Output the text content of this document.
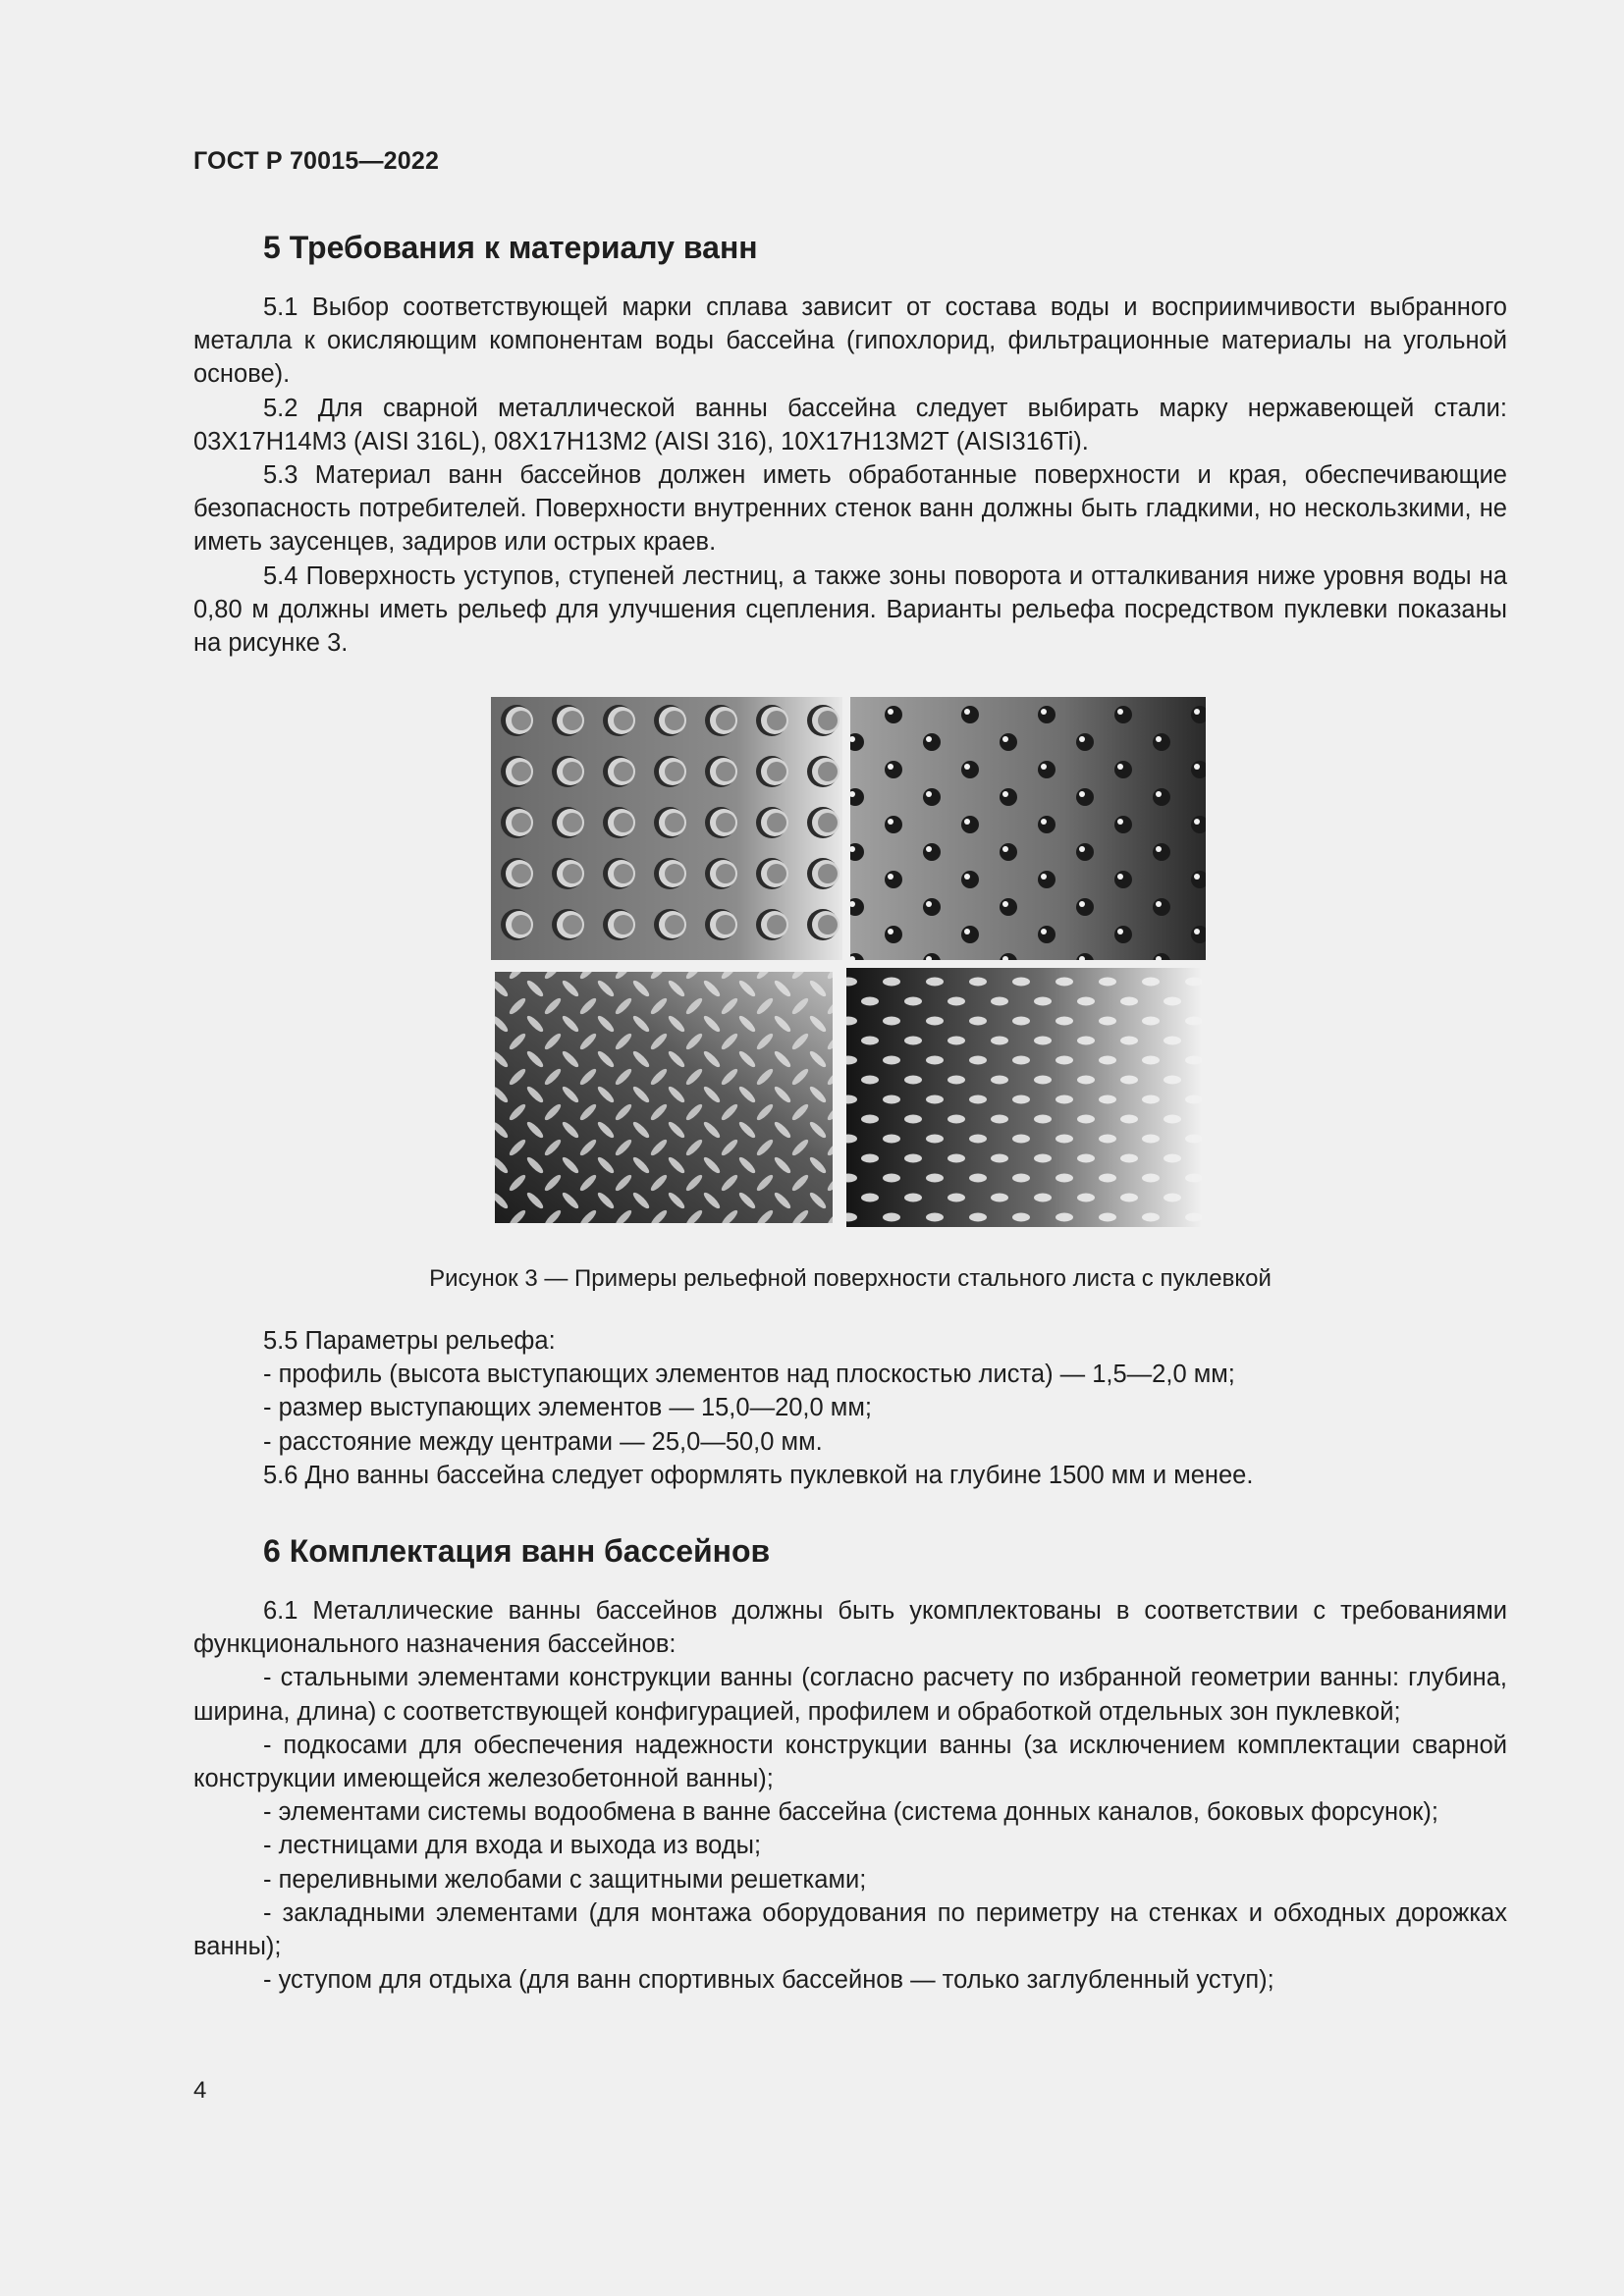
ГОСТ Р 70015—2022
5 Требования к материалу ванн

5.1 Выбор соответствующей марки сплава зависит от состава воды и восприимчивости выбранного металла к окисляющим компонентам воды бассейна (гипохлорид, фильтрационные материалы на угольной основе).

5.2 Для сварной металлической ванны бассейна следует выбирать марку нержавеющей стали: 03Х17Н14М3 (AISI 316L), 08Х17Н13М2 (AISI 316), 10Х17Н13М2Т (AISI316Ti).

5.3 Материал ванн бассейнов должен иметь обработанные поверхности и края, обеспечивающие безопасность потребителей. Поверхности внутренних стенок ванн должны быть гладкими, но нескользкими, не иметь заусенцев, задиров или острых краев.

5.4 Поверхность уступов, ступеней лестниц, а также зоны поворота и отталкивания ниже уровня воды на 0,80 м должны иметь рельеф для улучшения сцепления. Варианты рельефа посредством пуклевки показаны на рисунке 3.

Рисунок 3 — Примеры рельефной поверхности стального листа с пуклевкой

5.5 Параметры рельефа:

- профиль (высота выступающих элементов над плоскостью листа) — 1,5—2,0 мм;

- размер выступающих элементов — 15,0—20,0 мм;

- расстояние между центрами — 25,0—50,0 мм.

5.6 Дно ванны бассейна следует оформлять пуклевкой на глубине 1500 мм и менее.

6 Комплектация ванн бассейнов

6.1 Металлические ванны бассейнов должны быть укомплектованы в соответствии с требованиями функционального назначения бассейнов:

- стальными элементами конструкции ванны (согласно расчету по избранной геометрии ванны: глубина, ширина, длина) с соответствующей конфигурацией, профилем и обработкой отдельных зон пуклевкой;

- подкосами для обеспечения надежности конструкции ванны (за исключением комплектации сварной конструкции имеющейся железобетонной ванны);

- элементами системы водообмена в ванне бассейна (система донных каналов, боковых форсунок);

- лестницами для входа и выхода из воды;

- переливными желобами с защитными решетками;

- закладными элементами (для монтажа оборудования по периметру на стенках и обходных дорожках ванны);

- уступом для отдыха (для ванн спортивных бассейнов — только заглубленный уступ);

4
